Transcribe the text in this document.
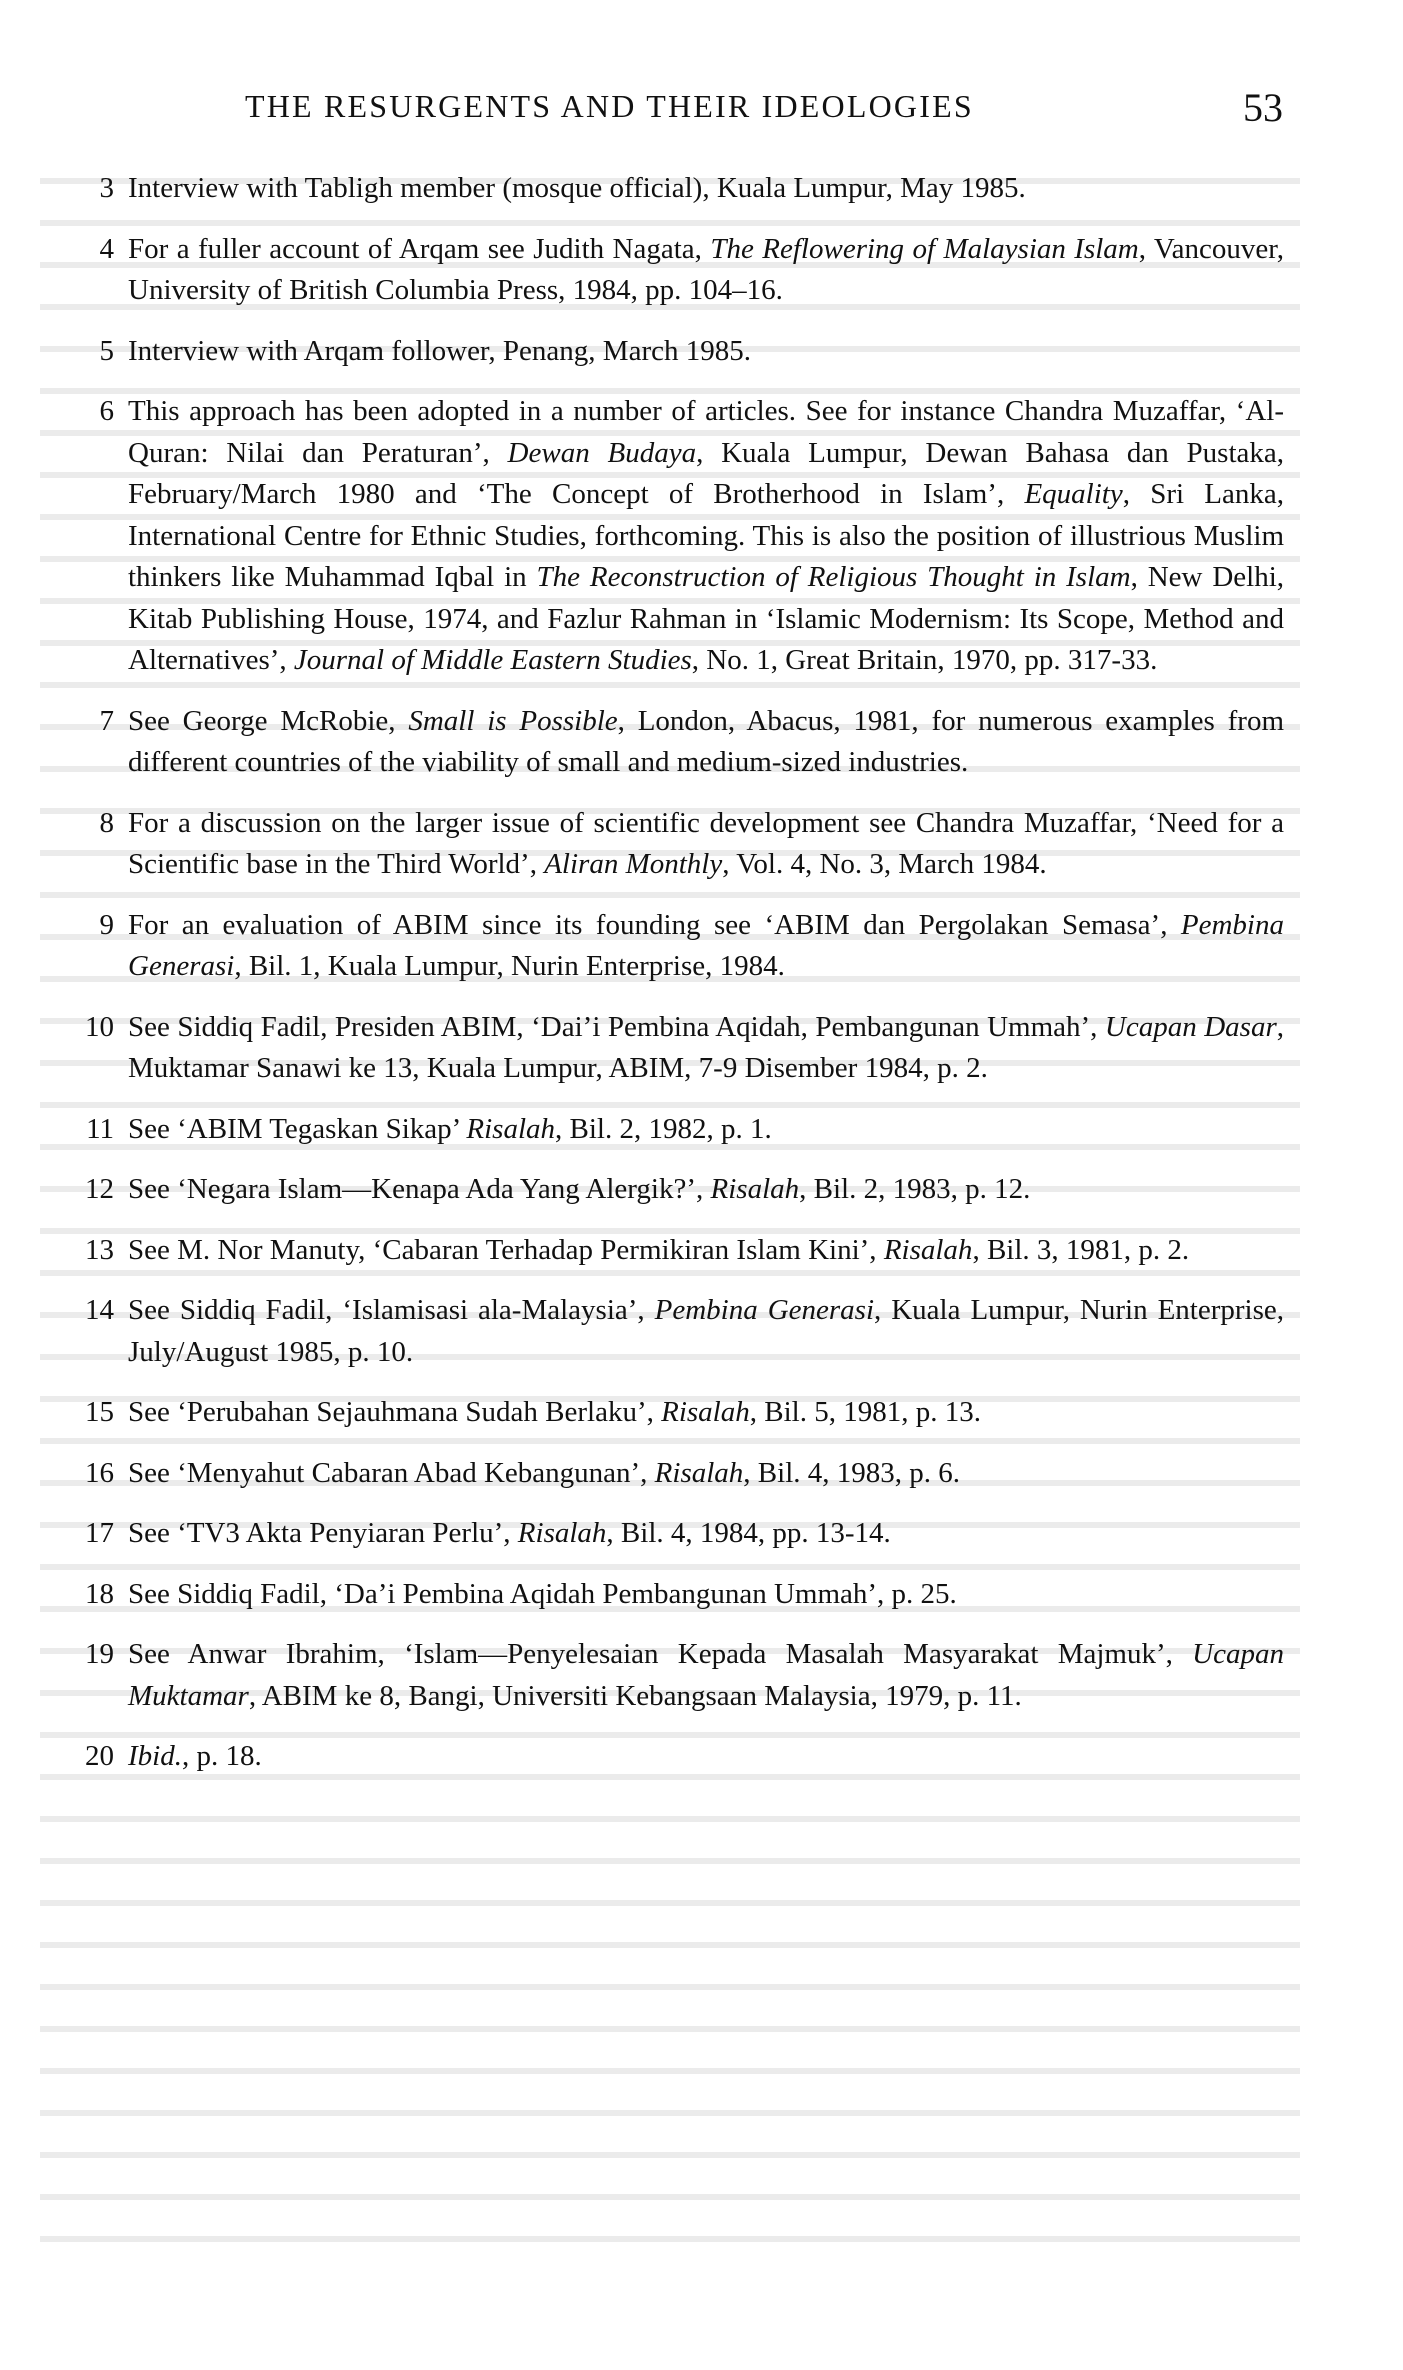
THE RESURGENTS AND THEIR IDEOLOGIES	53
3 Interview with Tabligh member (mosque official), Kuala Lumpur, May 1985.
4 For a fuller account of Arqam see Judith Nagata, The Reflowering of Malaysian Islam, Vancouver, University of British Columbia Press, 1984, pp. 104–16.
5 Interview with Arqam follower, Penang, March 1985.
6 This approach has been adopted in a number of articles. See for instance Chandra Muzaffar, ‘Al-Quran: Nilai dan Peraturan’, Dewan Budaya, Kuala Lumpur, Dewan Bahasa dan Pustaka, February/March 1980 and ‘The Concept of Brotherhood in Islam’, Equality, Sri Lanka, International Centre for Ethnic Studies, forthcoming. This is also the position of illustrious Muslim thinkers like Muhammad Iqbal in The Reconstruction of Religious Thought in Islam, New Delhi, Kitab Publishing House, 1974, and Fazlur Rahman in ‘Islamic Modernism: Its Scope, Method and Alternatives’, Journal of Middle Eastern Studies, No. 1, Great Britain, 1970, pp. 317-33.
7 See George McRobie, Small is Possible, London, Abacus, 1981, for numerous examples from different countries of the viability of small and medium-sized industries.
8 For a discussion on the larger issue of scientific development see Chandra Muzaffar, ‘Need for a Scientific base in the Third World’, Aliran Monthly, Vol. 4, No. 3, March 1984.
9 For an evaluation of ABIM since its founding see ‘ABIM dan Pergolakan Semasa’, Pembina Generasi, Bil. 1, Kuala Lumpur, Nurin Enterprise, 1984.
10 See Siddiq Fadil, Presiden ABIM, ‘Dai’i Pembina Aqidah, Pembangunan Ummah’, Ucapan Dasar, Muktamar Sanawi ke 13, Kuala Lumpur, ABIM, 7-9 Disember 1984, p. 2.
11 See ‘ABIM Tegaskan Sikap’ Risalah, Bil. 2, 1982, p. 1.
12 See ‘Negara Islam—Kenapa Ada Yang Alergik?’, Risalah, Bil. 2, 1983, p. 12.
13 See M. Nor Manuty, ‘Cabaran Terhadap Permikiran Islam Kini’, Risalah, Bil. 3, 1981, p. 2.
14 See Siddiq Fadil, ‘Islamisasi ala-Malaysia’, Pembina Generasi, Kuala Lumpur, Nurin Enterprise, July/August 1985, p. 10.
15 See ‘Perubahan Sejauhmana Sudah Berlaku’, Risalah, Bil. 5, 1981, p. 13.
16 See ‘Menyahut Cabaran Abad Kebangunan’, Risalah, Bil. 4, 1983, p. 6.
17 See ‘TV3 Akta Penyiaran Perlu’, Risalah, Bil. 4, 1984, pp. 13-14.
18 See Siddiq Fadil, ‘Da’i Pembina Aqidah Pembangunan Ummah’, p. 25.
19 See Anwar Ibrahim, ‘Islam—Penyelesaian Kepada Masalah Masyarakat Majmuk’, Ucapan Muktamar, ABIM ke 8, Bangi, Universiti Kebangsaan Malaysia, 1979, p. 11.
20 Ibid., p. 18.
